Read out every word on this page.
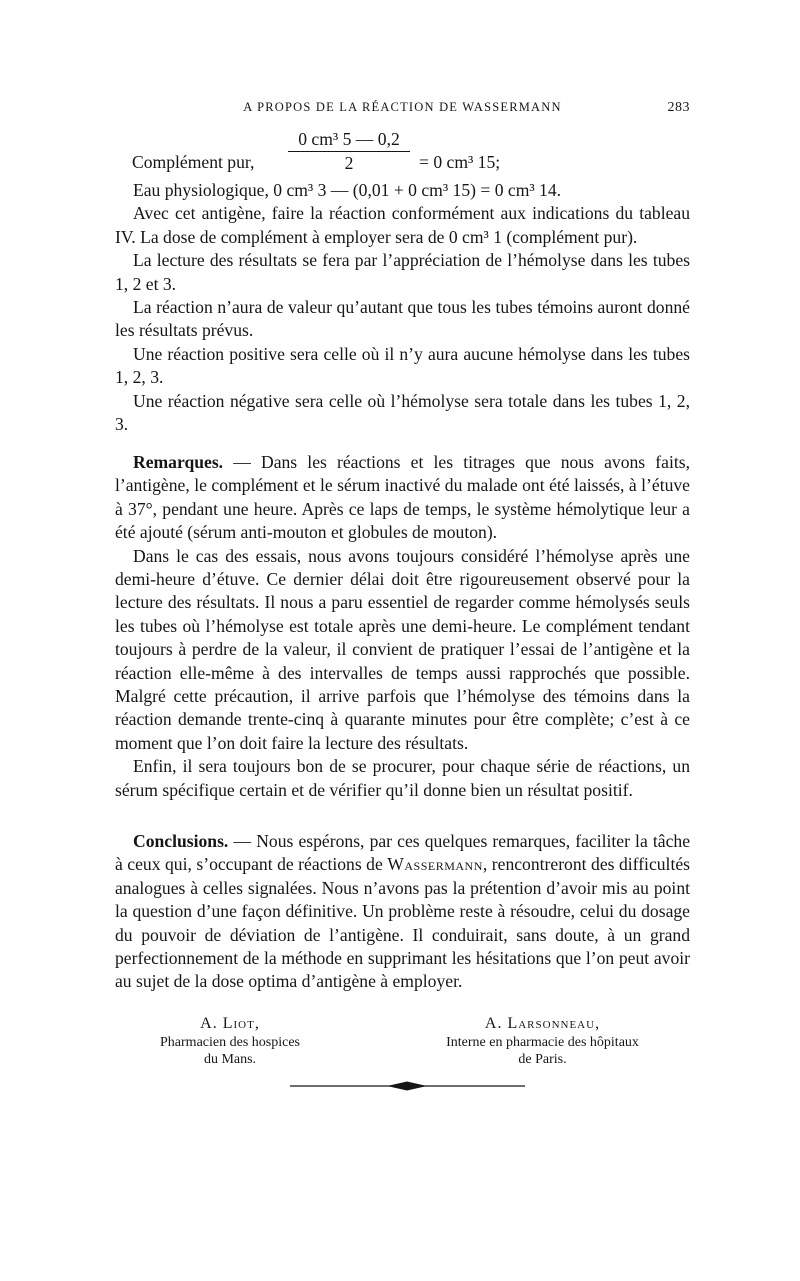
A PROPOS DE LA RÉACTION DE WASSERMANN	283
Complément pur,
0 cm³ 5 — 0,2
2	= 0 cm³ 15;

Eau physiologique, 0 cm³ 3 — (0,01 + 0 cm³ 15) = 0 cm³ 14.

Avec cet antigène, faire la réaction conformément aux indications du tableau IV. La dose de complément à employer sera de 0 cm³ 1 (complément pur).

La lecture des résultats se fera par l’appréciation de l’hémolyse dans les tubes 1, 2 et 3.

La réaction n’aura de valeur qu’autant que tous les tubes témoins auront donné les résultats prévus.

Une réaction positive sera celle où il n’y aura aucune hémolyse dans les tubes 1, 2, 3.

Une réaction négative sera celle où l’hémolyse sera totale dans les tubes 1, 2, 3.

Remarques. — Dans les réactions et les titrages que nous avons faits, l’antigène, le complément et le sérum inactivé du malade ont été laissés, à l’étuve à 37°, pendant une heure. Après ce laps de temps, le système hémolytique leur a été ajouté (sérum anti-mouton et globules de mouton).

Dans le cas des essais, nous avons toujours considéré l’hémolyse après une demi-heure d’étuve. Ce dernier délai doit être rigoureusement observé pour la lecture des résultats. Il nous a paru essentiel de regarder comme hémolysés seuls les tubes où l’hémolyse est totale après une demi-heure. Le complément tendant toujours à perdre de la valeur, il convient de pratiquer l’essai de l’antigène et la réaction elle-même à des intervalles de temps aussi rapprochés que possible. Malgré cette précaution, il arrive parfois que l’hémolyse des témoins dans la réaction demande trente-cinq à quarante minutes pour être complète; c’est à ce moment que l’on doit faire la lecture des résultats.

Enfin, il sera toujours bon de se procurer, pour chaque série de réactions, un sérum spécifique certain et de vérifier qu’il donne bien un résultat positif.

Conclusions. — Nous espérons, par ces quelques remarques, faciliter la tâche à ceux qui, s’occupant de réactions de Wassermann, rencontreront des difficultés analogues à celles signalées. Nous n’avons pas la prétention d’avoir mis au point la question d’une façon définitive. Un problème reste à résoudre, celui du dosage du pouvoir de déviation de l’antigène. Il conduirait, sans doute, à un grand perfectionnement de la méthode en supprimant les hésitations que l’on peut avoir au sujet de la dose optima d’antigène à employer.

A. Liot,
Pharmacien des hospices
du Mans.
A. Larsonneau,
Interne en pharmacie des hôpitaux
de Paris.
